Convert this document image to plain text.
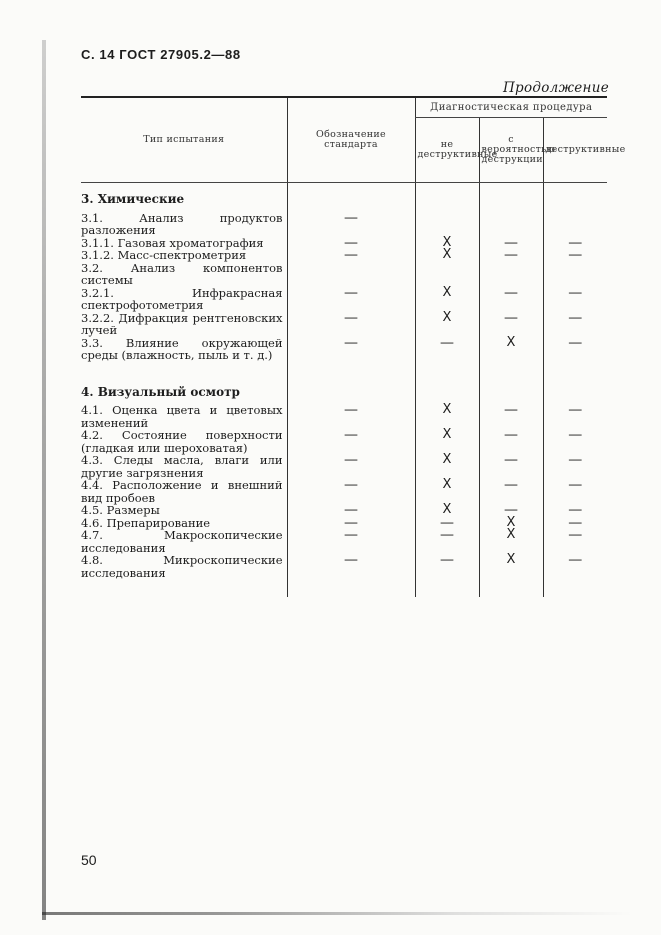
С. 14 ГОСТ 27905.2—88
Продолжение
Тип испытания	Обозначение стандарта	Диагностическая процедура		
		не деструктивные	с вероятностью деструкции	деструктивные
3. Химические				
3.1. Анализ продуктов разложения	—			
3.1.1. Газовая хроматография	—	X	—	—
3.1.2. Масс-спектрометрия	—	X	—	—
3.2. Анализ компонентов системы				
3.2.1. Инфракрасная спектрофотометрия	—	X	—	—
3.2.2. Дифракция рентгеновских лучей	—	X	—	—
3.3. Влияние окружающей среды (влажность, пыль и т. д.)	—	—	X	—

4. Визуальный осмотр				
4.1. Оценка цвета и цветовых изменений	—	X	—	—
4.2. Состояние поверхности (гладкая или шероховатая)	—	X	—	—
4.3. Следы масла, влаги или другие загрязнения	—	X	—	—
4.4. Расположение и внешний вид пробоев	—	X	—	—
4.5. Размеры	—	X	—	—
4.6. Препарирование	—	—	X	—
4.7. Макроскопические исследования	—	—	X	—
4.8. Микроскопические исследования	—	—	X	—

50
